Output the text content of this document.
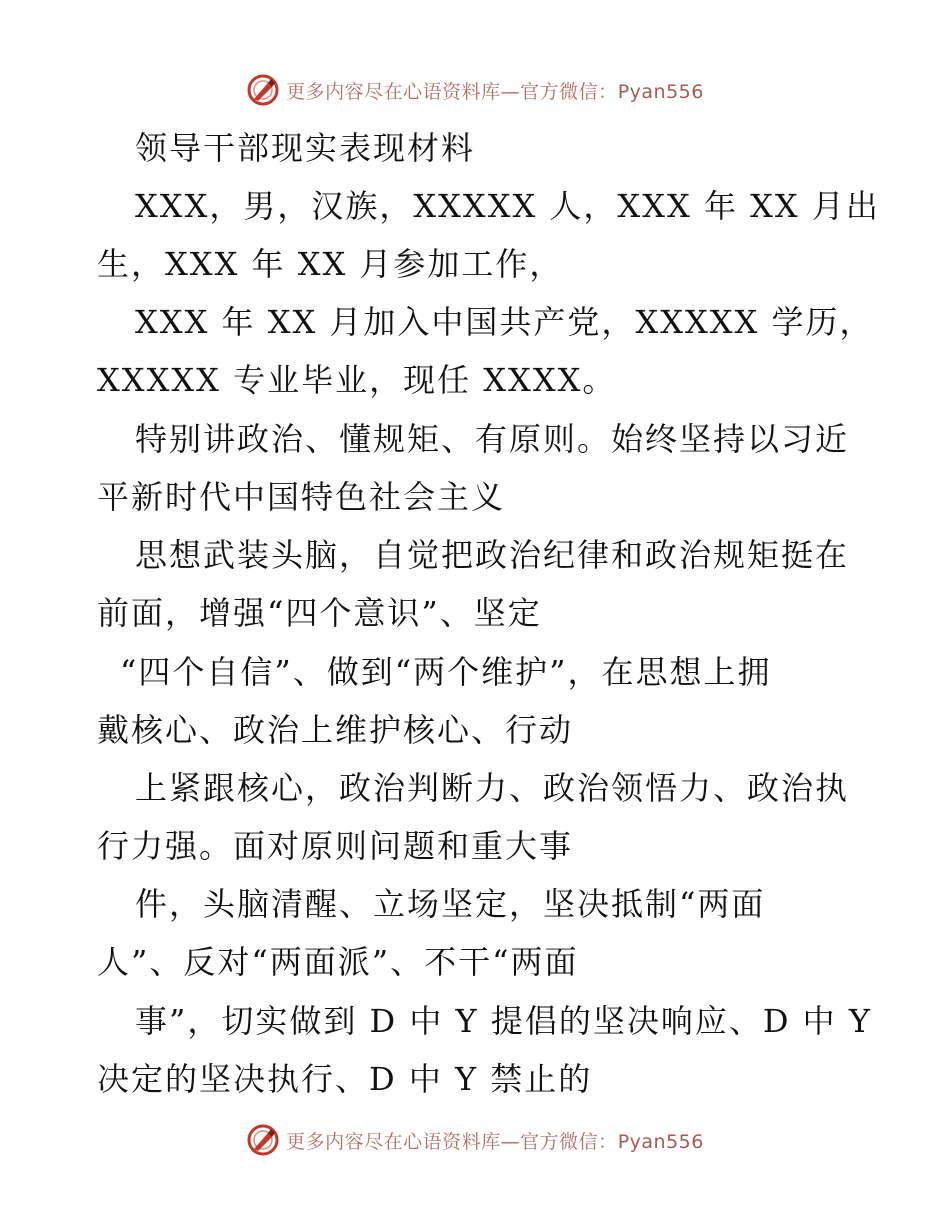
更多内容尽在心语资料库—官方微信：Pyan556

领导干部现实表现材料

XXX，男，汉族，XXXXX 人，XXX 年 XX 月出

生，XXX 年 XX 月参加工作，

XXX 年 XX 月加入中国共产党，XXXXX 学历，

XXXXX 专业毕业，现任 XXXX。

特别讲政治、懂规矩、有原则。始终坚持以习近

平新时代中国特色社会主义

思想武装头脑，自觉把政治纪律和政治规矩挺在

前面，增强“四个意识”、坚定

“四个自信”、做到“两个维护”，在思想上拥

戴核心、政治上维护核心、行动

上紧跟核心，政治判断力、政治领悟力、政治执

行力强。面对原则问题和重大事

件，头脑清醒、立场坚定，坚决抵制“两面

人”、反对“两面派”、不干“两面

事”，切实做到 D 中 Y 提倡的坚决响应、D 中 Y

决定的坚决执行、D 中 Y 禁止的

更多内容尽在心语资料库—官方微信：Pyan556
